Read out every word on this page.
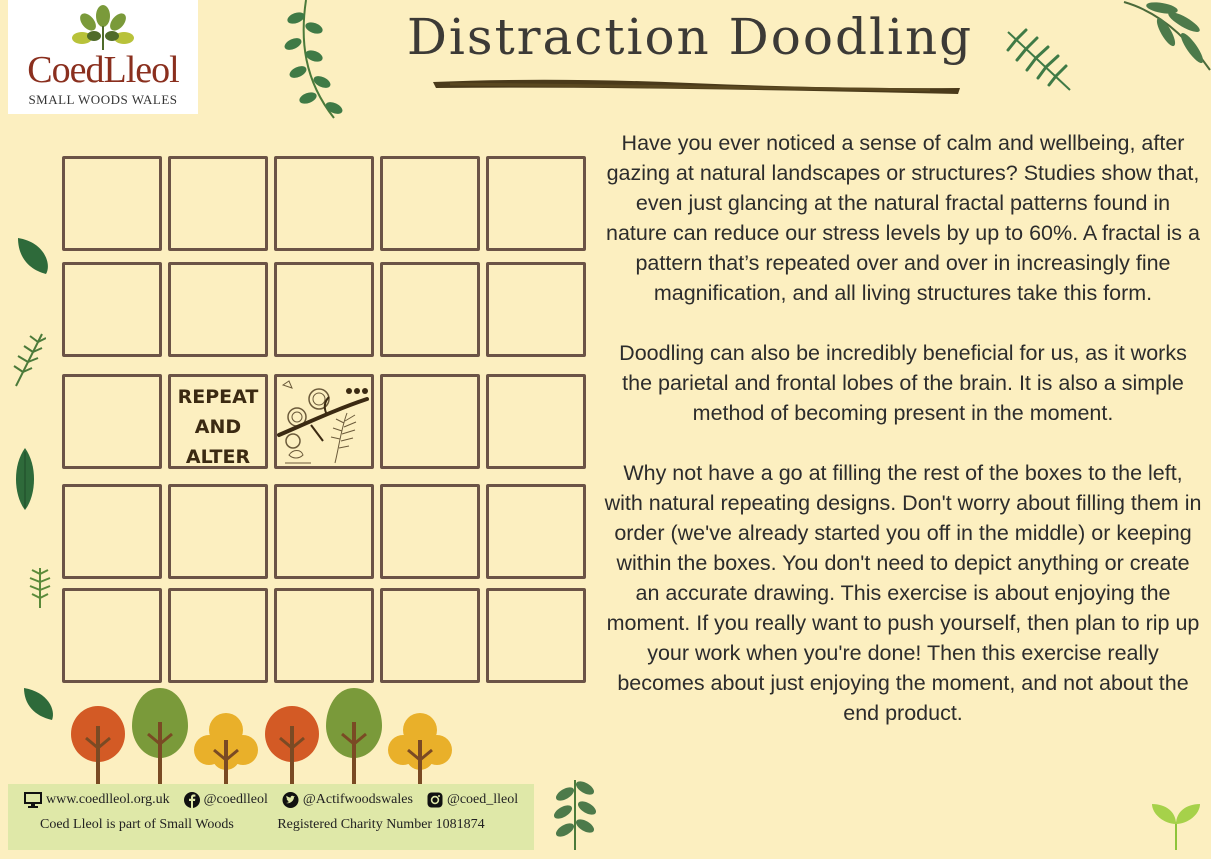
CoedLleol
SMALL WOODS WALES
Distraction Doodling
REPEAT
AND
ALTER

Have you ever noticed a sense of calm and wellbeing, after gazing at natural landscapes or structures? Studies show that, even just glancing at the natural fractal patterns found in nature can reduce our stress levels by up to 60%. A fractal is a pattern that’s repeated over and over in increasingly fine magnification, and all living structures take this form.

Doodling can also be incredibly beneficial for us, as it works the parietal and frontal lobes of the brain. It is also a simple method of becoming present in the moment.

Why not have a go at filling the rest of the boxes to the left, with natural repeating designs. Don't worry about filling them in order (we've already started you off in the middle) or keeping within the boxes. You don't need to depict anything or create an accurate drawing. This exercise is about enjoying the moment. If you really want to push yourself, then plan to rip up your work when you're done! Then this exercise really becomes about just enjoying the moment, and not about the end product.

www.coedlleol.org.uk @coedlleol	@Actifwoodswales @coed_lleol
Coed Lleol is part of Small Woods	Registered Charity Number 1081874
